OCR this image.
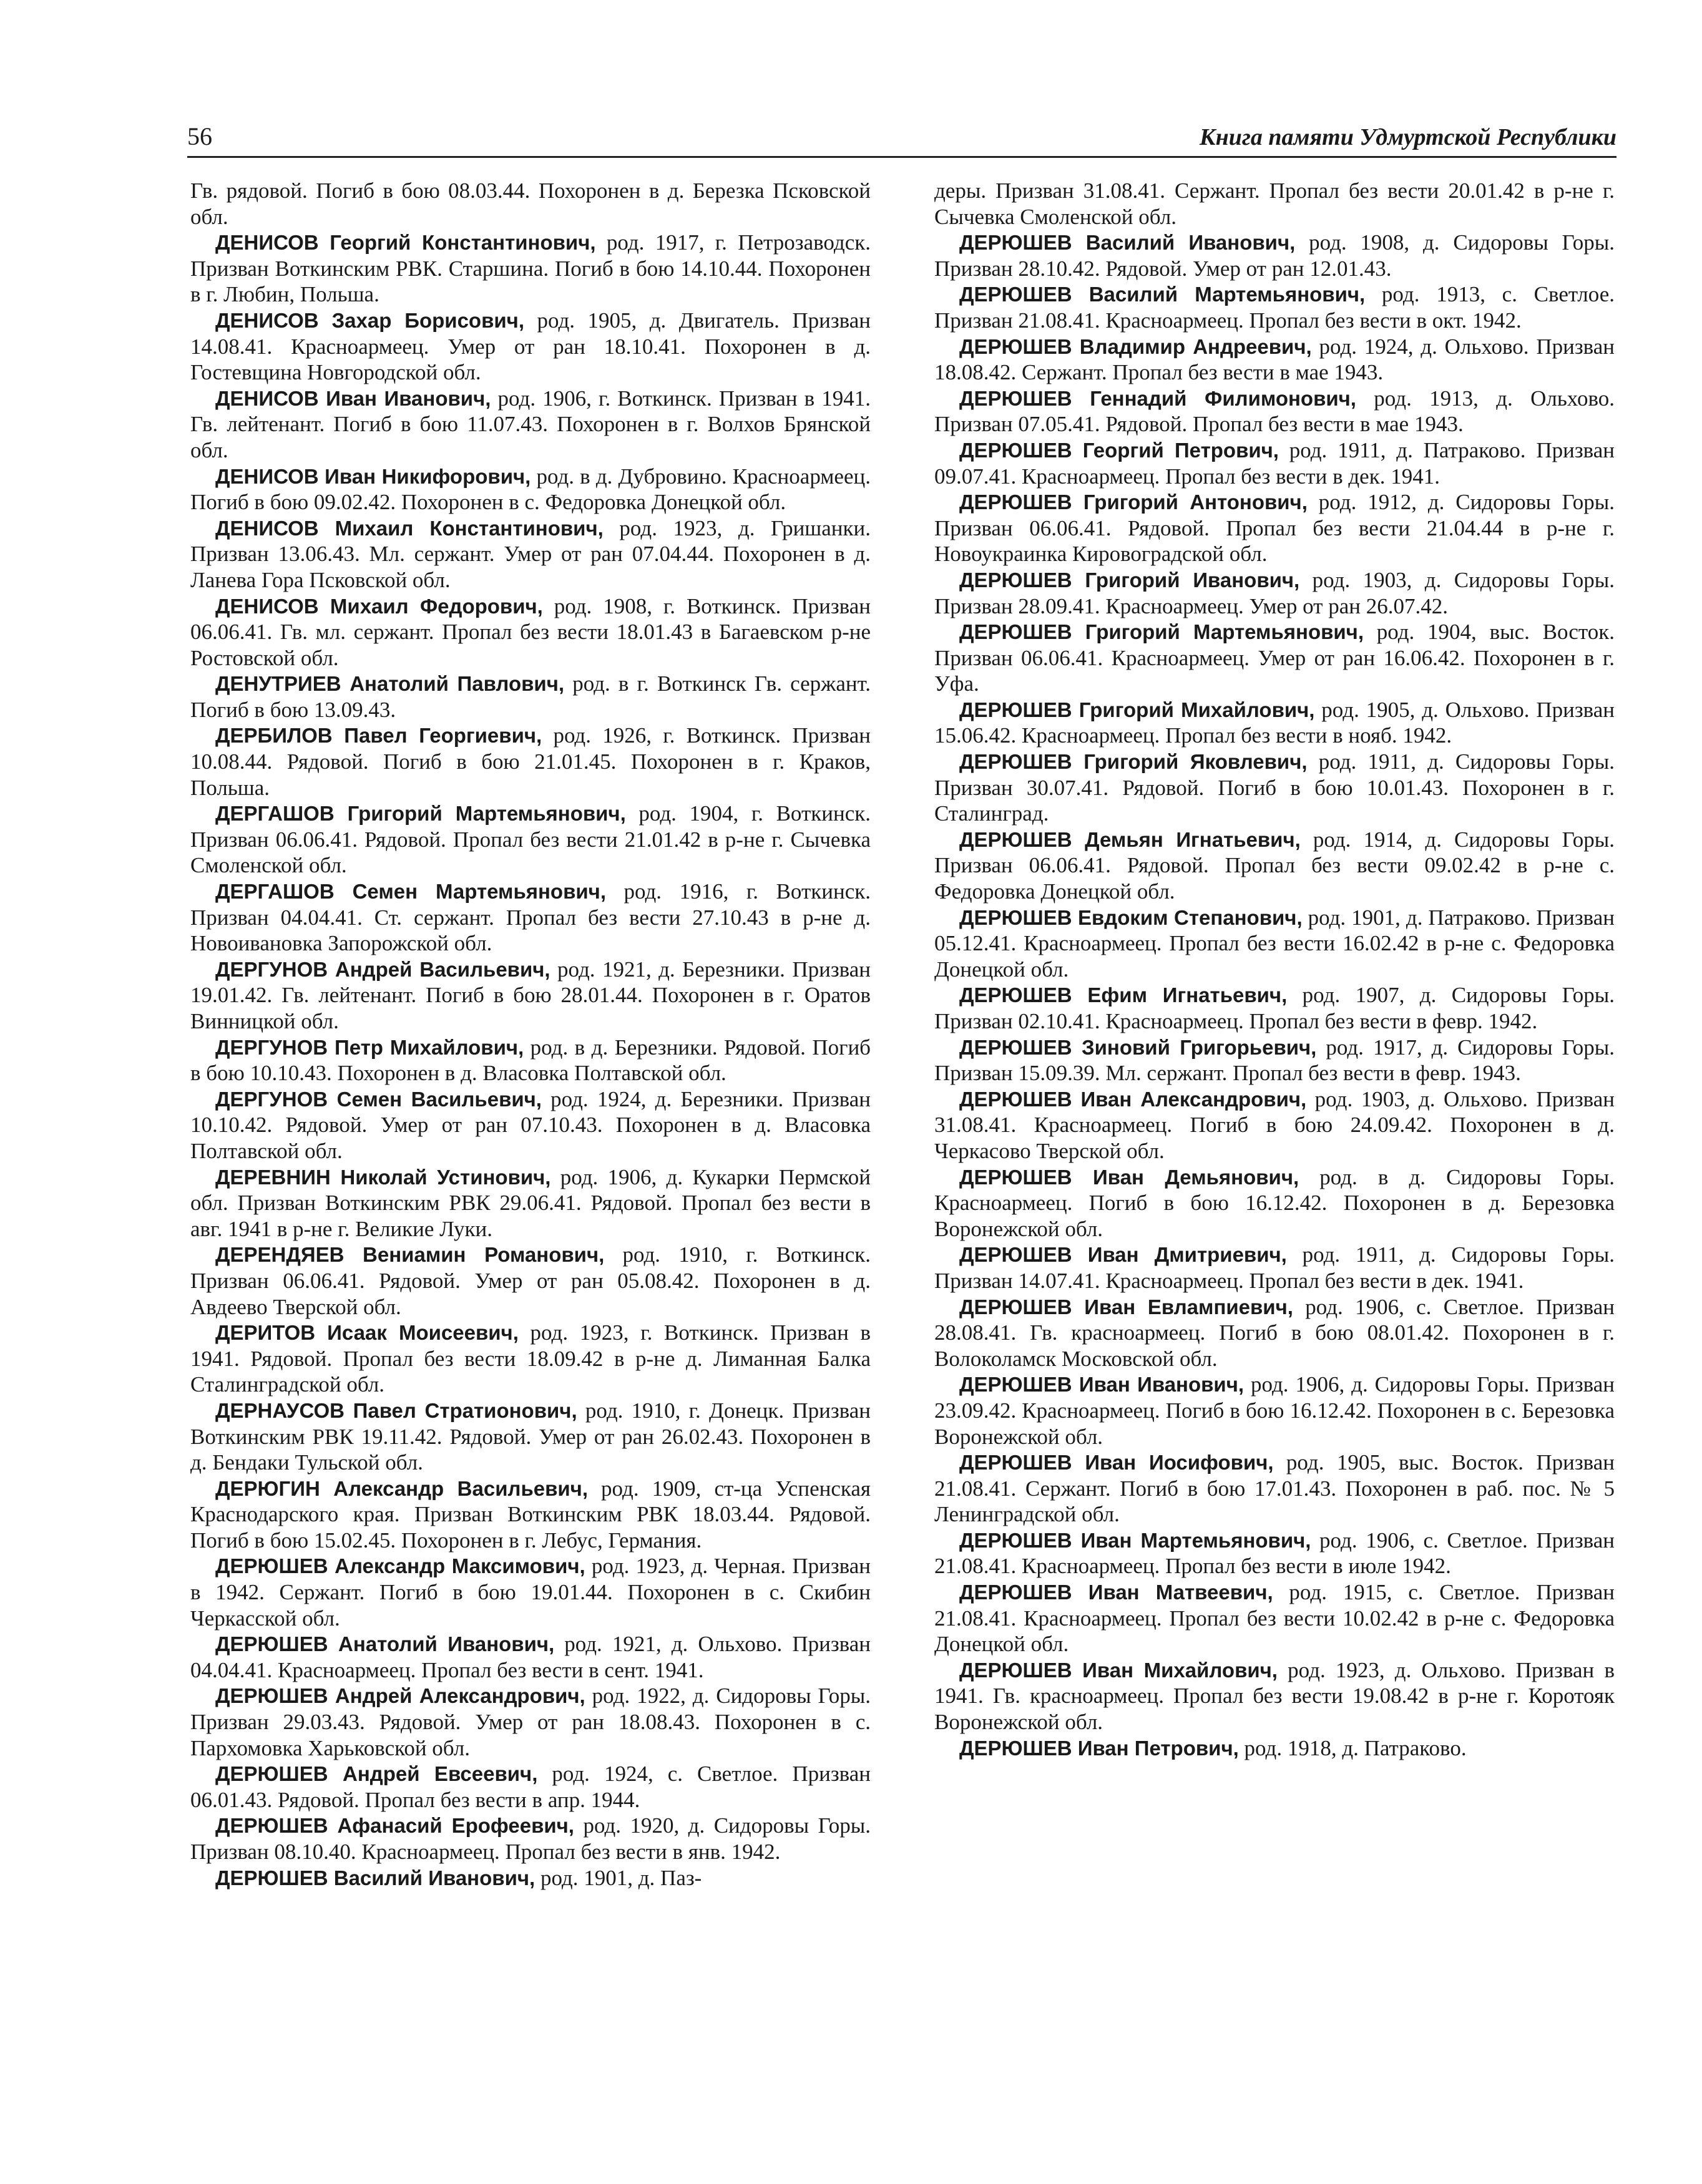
56	Книга памяти Удмуртской Республики

Гв. рядовой. Погиб в бою 08.03.44. Похоронен в д. Березка Псковской обл.

ДЕНИСОВ Георгий Константинович, род. 1917, г. Петрозаводск. Призван Воткинским РВК. Старшина. Погиб в бою 14.10.44. Похоронен в г. Любин, Польша.

ДЕНИСОВ Захар Борисович, род. 1905, д. Двигатель. Призван 14.08.41. Красноармеец. Умер от ран 18.10.41. Похоронен в д. Гостевщина Новгородской обл.

ДЕНИСОВ Иван Иванович, род. 1906, г. Воткинск. Призван в 1941. Гв. лейтенант. Погиб в бою 11.07.43. Похоронен в г. Волхов Брянской обл.

ДЕНИСОВ Иван Никифорович, род. в д. Дубровино. Красноармеец. Погиб в бою 09.02.42. Похоронен в с. Федоровка Донецкой обл.

ДЕНИСОВ Михаил Константинович, род. 1923, д. Гришанки. Призван 13.06.43. Мл. сержант. Умер от ран 07.04.44. Похоронен в д. Ланева Гора Псковской обл.

ДЕНИСОВ Михаил Федорович, род. 1908, г. Воткинск. Призван 06.06.41. Гв. мл. сержант. Пропал без вести 18.01.43 в Багаевском р-не Ростовской обл.

ДЕНУТРИЕВ Анатолий Павлович, род. в г. Воткинск Гв. сержант. Погиб в бою 13.09.43.

ДЕРБИЛОВ Павел Георгиевич, род. 1926, г. Воткинск. Призван 10.08.44. Рядовой. Погиб в бою 21.01.45. Похоронен в г. Краков, Польша.

ДЕРГАШОВ Григорий Мартемьянович, род. 1904, г. Воткинск. Призван 06.06.41. Рядовой. Пропал без вести 21.01.42 в р-не г. Сычевка Смоленской обл.

ДЕРГАШОВ Семен Мартемьянович, род. 1916, г. Воткинск. Призван 04.04.41. Ст. сержант. Пропал без вести 27.10.43 в р-не д. Новоивановка Запорожской обл.

ДЕРГУНОВ Андрей Васильевич, род. 1921, д. Березники. Призван 19.01.42. Гв. лейтенант. Погиб в бою 28.01.44. Похоронен в г. Оратов Винницкой обл.

ДЕРГУНОВ Петр Михайлович, род. в д. Березники. Рядовой. Погиб в бою 10.10.43. Похоронен в д. Власовка Полтавской обл.

ДЕРГУНОВ Семен Васильевич, род. 1924, д. Березники. Призван 10.10.42. Рядовой. Умер от ран 07.10.43. Похоронен в д. Власовка Полтавской обл.

ДЕРЕВНИН Николай Устинович, род. 1906, д. Кукарки Пермской обл. Призван Воткинским РВК 29.06.41. Рядовой. Пропал без вести в авг. 1941 в р-не г. Великие Луки.

ДЕРЕНДЯЕВ Вениамин Романович, род. 1910, г. Воткинск. Призван 06.06.41. Рядовой. Умер от ран 05.08.42. Похоронен в д. Авдеево Тверской обл.

ДЕРИТОВ Исаак Моисеевич, род. 1923, г. Воткинск. Призван в 1941. Рядовой. Пропал без вести 18.09.42 в р-не д. Лиманная Балка Сталинградской обл.

ДЕРНАУСОВ Павел Стратионович, род. 1910, г. Донецк. Призван Воткинским РВК 19.11.42. Рядовой. Умер от ран 26.02.43. Похоронен в д. Бендаки Тульской обл.

ДЕРЮГИН Александр Васильевич, род. 1909, ст-ца Успенская Краснодарского края. Призван Воткинским РВК 18.03.44. Рядовой. Погиб в бою 15.02.45. Похоронен в г. Лебус, Германия.

ДЕРЮШЕВ Александр Максимович, род. 1923, д. Черная. Призван в 1942. Сержант. Погиб в бою 19.01.44. Похоронен в с. Скибин Черкасской обл.

ДЕРЮШЕВ Анатолий Иванович, род. 1921, д. Ольхово. Призван 04.04.41. Красноармеец. Пропал без вести в сент. 1941.

ДЕРЮШЕВ Андрей Александрович, род. 1922, д. Сидоровы Горы. Призван 29.03.43. Рядовой. Умер от ран 18.08.43. Похоронен в с. Пархомовка Харьковской обл.

ДЕРЮШЕВ Андрей Евсеевич, род. 1924, с. Светлое. Призван 06.01.43. Рядовой. Пропал без вести в апр. 1944.

ДЕРЮШЕВ Афанасий Ерофеевич, род. 1920, д. Сидоровы Горы. Призван 08.10.40. Красноармеец. Пропал без вести в янв. 1942.

ДЕРЮШЕВ Василий Иванович, род. 1901, д. Паз-

деры. Призван 31.08.41. Сержант. Пропал без вести 20.01.42 в р-не г. Сычевка Смоленской обл.

ДЕРЮШЕВ Василий Иванович, род. 1908, д. Сидоровы Горы. Призван 28.10.42. Рядовой. Умер от ран 12.01.43.

ДЕРЮШЕВ Василий Мартемьянович, род. 1913, с. Светлое. Призван 21.08.41. Красноармеец. Пропал без вести в окт. 1942.

ДЕРЮШЕВ Владимир Андреевич, род. 1924, д. Ольхово. Призван 18.08.42. Сержант. Пропал без вести в мае 1943.

ДЕРЮШЕВ Геннадий Филимонович, род. 1913, д. Ольхово. Призван 07.05.41. Рядовой. Пропал без вести в мае 1943.

ДЕРЮШЕВ Георгий Петрович, род. 1911, д. Патраково. Призван 09.07.41. Красноармеец. Пропал без вести в дек. 1941.

ДЕРЮШЕВ Григорий Антонович, род. 1912, д. Сидоровы Горы. Призван 06.06.41. Рядовой. Пропал без вести 21.04.44 в р-не г. Новоукраинка Кировоградской обл.

ДЕРЮШЕВ Григорий Иванович, род. 1903, д. Сидоровы Горы. Призван 28.09.41. Красноармеец. Умер от ран 26.07.42.

ДЕРЮШЕВ Григорий Мартемьянович, род. 1904, выс. Восток. Призван 06.06.41. Красноармеец. Умер от ран 16.06.42. Похоронен в г. Уфа.

ДЕРЮШЕВ Григорий Михайлович, род. 1905, д. Ольхово. Призван 15.06.42. Красноармеец. Пропал без вести в нояб. 1942.

ДЕРЮШЕВ Григорий Яковлевич, род. 1911, д. Сидоровы Горы. Призван 30.07.41. Рядовой. Погиб в бою 10.01.43. Похоронен в г. Сталинград.

ДЕРЮШЕВ Демьян Игнатьевич, род. 1914, д. Сидоровы Горы. Призван 06.06.41. Рядовой. Пропал без вести 09.02.42 в р-не с. Федоровка Донецкой обл.

ДЕРЮШЕВ Евдоким Степанович, род. 1901, д. Патраково. Призван 05.12.41. Красноармеец. Пропал без вести 16.02.42 в р-не с. Федоровка Донецкой обл.

ДЕРЮШЕВ Ефим Игнатьевич, род. 1907, д. Сидоровы Горы. Призван 02.10.41. Красноармеец. Пропал без вести в февр. 1942.

ДЕРЮШЕВ Зиновий Григорьевич, род. 1917, д. Сидоровы Горы. Призван 15.09.39. Мл. сержант. Пропал без вести в февр. 1943.

ДЕРЮШЕВ Иван Александрович, род. 1903, д. Ольхово. Призван 31.08.41. Красноармеец. Погиб в бою 24.09.42. Похоронен в д. Черкасово Тверской обл.

ДЕРЮШЕВ Иван Демьянович, род. в д. Сидоровы Горы. Красноармеец. Погиб в бою 16.12.42. Похоронен в д. Березовка Воронежской обл.

ДЕРЮШЕВ Иван Дмитриевич, род. 1911, д. Сидоровы Горы. Призван 14.07.41. Красноармеец. Пропал без вести в дек. 1941.

ДЕРЮШЕВ Иван Евлампиевич, род. 1906, с. Светлое. Призван 28.08.41. Гв. красноармеец. Погиб в бою 08.01.42. Похоронен в г. Волоколамск Московской обл.

ДЕРЮШЕВ Иван Иванович, род. 1906, д. Сидоровы Горы. Призван 23.09.42. Красноармеец. Погиб в бою 16.12.42. Похоронен в с. Березовка Воронежской обл.

ДЕРЮШЕВ Иван Иосифович, род. 1905, выс. Восток. Призван 21.08.41. Сержант. Погиб в бою 17.01.43. Похоронен в раб. пос. № 5 Ленинградской обл.

ДЕРЮШЕВ Иван Мартемьянович, род. 1906, с. Светлое. Призван 21.08.41. Красноармеец. Пропал без вести в июле 1942.

ДЕРЮШЕВ Иван Матвеевич, род. 1915, с. Светлое. Призван 21.08.41. Красноармеец. Пропал без вести 10.02.42 в р-не с. Федоровка Донецкой обл.

ДЕРЮШЕВ Иван Михайлович, род. 1923, д. Ольхово. Призван в 1941. Гв. красноармеец. Пропал без вести 19.08.42 в р-не г. Коротояк Воронежской обл.

ДЕРЮШЕВ Иван Петрович, род. 1918, д. Патраково.
